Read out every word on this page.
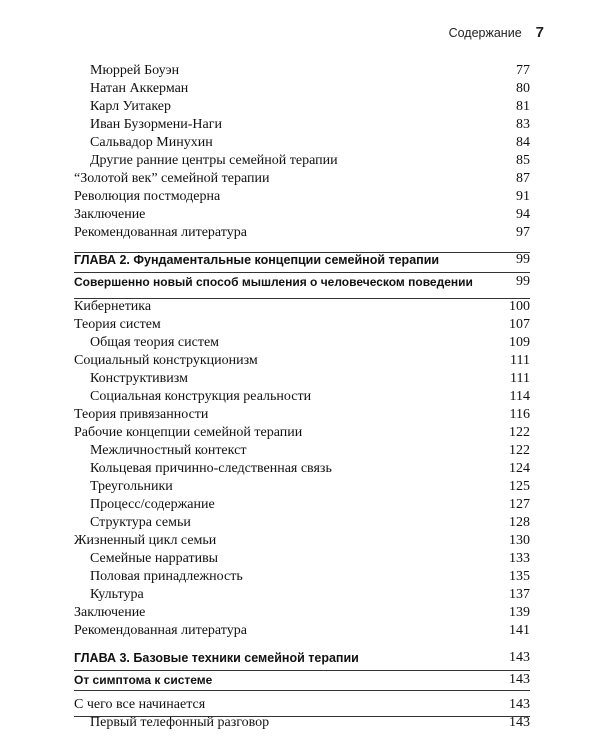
Содержание 7
Мюррей Боуэн	77
Натан Аккерман	80
Карл Уитакер	81
Иван Бузормени-Наги	83
Сальвадор Минухин	84
Другие ранние центры семейной терапии	85
“Золотой век” семейной терапии	87
Революция постмодерна	91
Заключение	94
Рекомендованная литература	97
ГЛАВА 2. Фундаментальные концепции семейной терапии	99
Совершенно новый способ мышления о человеческом поведении	99
Кибернетика	100
Теория систем	107
Общая теория систем	109
Социальный конструкционизм	111
Конструктивизм	111
Социальная конструкция реальности	114
Теория привязанности	116
Рабочие концепции семейной терапии	122
Межличностный контекст	122
Кольцевая причинно-следственная связь	124
Треугольники	125
Процесс/содержание	127
Структура семьи	128
Жизненный цикл семьи	130
Семейные нарративы	133
Половая принадлежность	135
Культура	137
Заключение	139
Рекомендованная литература	141
ГЛАВА 3. Базовые техники семейной терапии	143
От симптома к системе	143
С чего все начинается	143
Первый телефонный разговор	143
